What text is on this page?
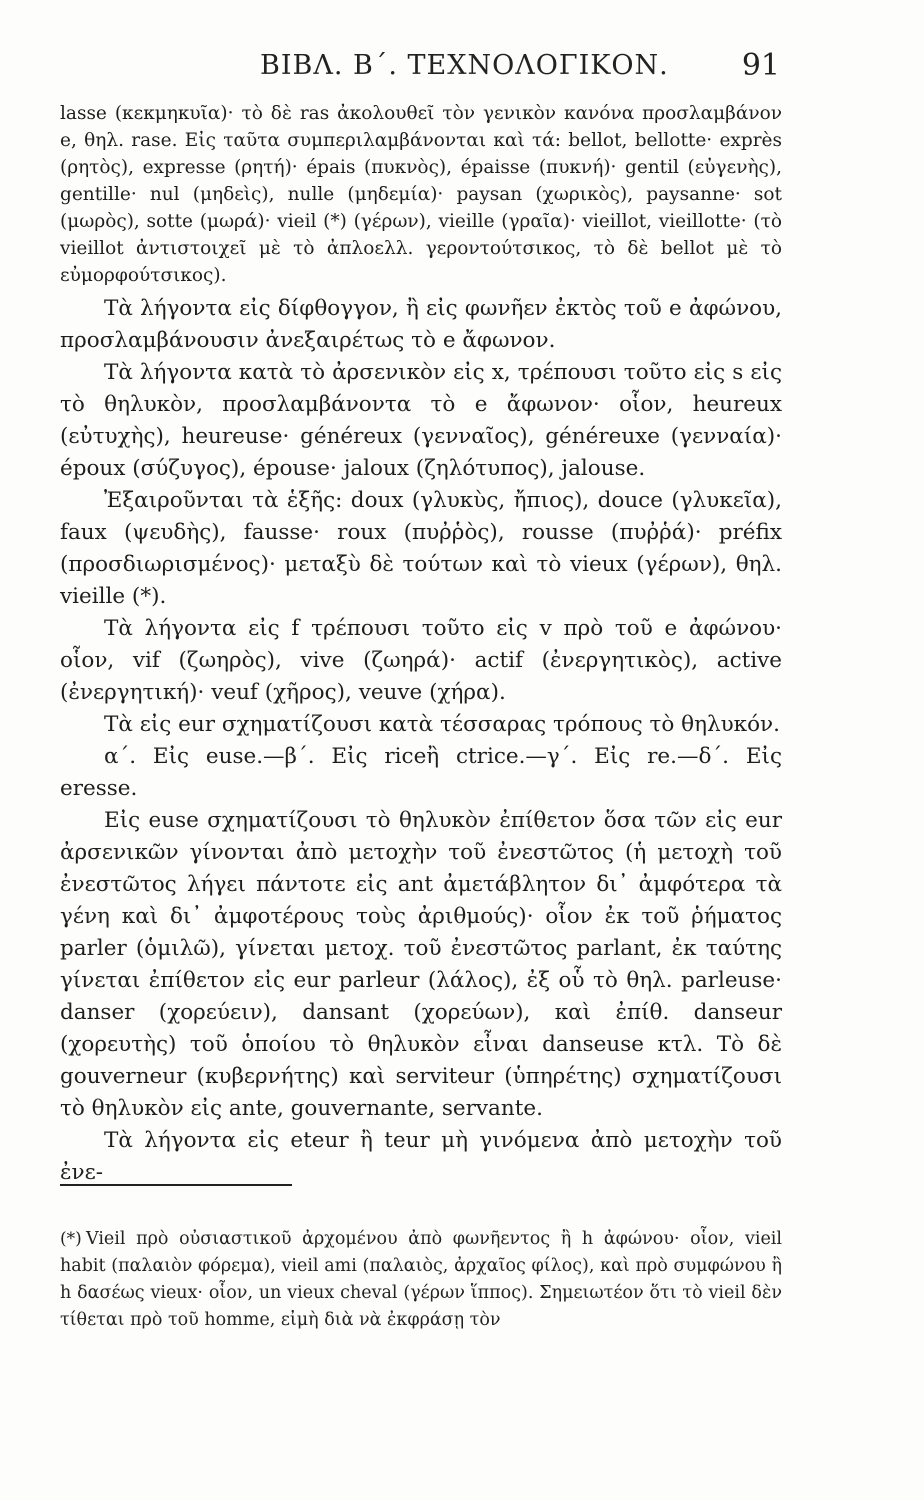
ΒΙΒΛ. Β΄. ΤΕΧΝΟΛΟΓΙΚΟΝ. 91

lasse (κεκμηκυῖα)· τὸ δὲ ras ἀκολουθεῖ τὸν γενικὸν κανόνα προσλαμβάνον e, θηλ. rase. Εἰς ταῦτα συμπεριλαμβάνονται καὶ τά: bellot, bellotte· exprès (ρητὸς), expresse (ρητή)· épais (πυκνὸς), épaisse (πυκνή)· gentil (εὐγενὴς), gentille· nul (μηδεὶς), nulle (μηδεμία)· paysan (χωρικὸς), paysanne· sot (μωρὸς), sotte (μωρά)· vieil (*) (γέρων), vieille (γραῖα)· vieillot, vieillotte· (τὸ vieillot ἀντιστοιχεῖ μὲ τὸ ἀπλοελλ. γεροντούτσικος, τὸ δὲ bellot μὲ τὸ εὐμορφούτσικος).

Τὰ λήγοντα εἰς δίφθογγον, ἢ εἰς φωνῆεν ἐκτὸς τοῦ e ἀφώνου, προσλαμβάνουσιν ἀνεξαιρέτως τὸ e ἄφωνον.

Τὰ λήγοντα κατὰ τὸ ἀρσενικὸν εἰς x, τρέπουσι τοῦτο εἰς s εἰς τὸ θηλυκὸν, προσλαμβάνοντα τὸ e ἄφωνον· οἷον, heureux (εὐτυχὴς), heureuse· généreux (γενναῖος), généreuxe (γενναία)· époux (σύζυγος), épouse· jaloux (ζηλότυπος), jalouse.

Ἐξαιροῦνται τὰ ἑξῆς: doux (γλυκὺς, ἤπιος), douce (γλυκεῖα), faux (ψευδὴς), fausse· roux (πυῤῥὸς), rousse (πυῤῥά)· préfix (προσδιωρισμένος)· μεταξὺ δὲ τούτων καὶ τὸ vieux (γέρων), θηλ. vieille (*).

Τὰ λήγοντα εἰς f τρέπουσι τοῦτο εἰς v πρὸ τοῦ e ἀφώνου· οἷον, vif (ζωηρὸς), vive (ζωηρά)· actif (ἐνεργητικὸς), active (ἐνεργητική)· veuf (χῆρος), veuve (χήρα).

Τὰ εἰς eur σχηματίζουσι κατὰ τέσσαρας τρόπους τὸ θηλυκόν.

α΄. Εἰς euse.—β΄. Εἰς riceἢ ctrice.—γ΄. Εἰς re.—δ΄. Εἰς eresse.

Εἰς euse σχηματίζουσι τὸ θηλυκὸν ἐπίθετον ὅσα τῶν εἰς eur ἀρσενικῶν γίνονται ἀπὸ μετοχὴν τοῦ ἐνεστῶτος (ἡ μετοχὴ τοῦ ἐνεστῶτος λήγει πάντοτε εἰς ant ἀμετάβλητον δι᾽ ἀμφότερα τὰ γένη καὶ δι᾽ ἀμφοτέρους τοὺς ἀριθμούς)· οἷον ἐκ τοῦ ῥήματος parler (ὁμιλῶ), γίνεται μετοχ. τοῦ ἐνεστῶτος parlant, ἐκ ταύτης γίνεται ἐπίθετον εἰς eur parleur (λάλος), ἐξ οὗ τὸ θηλ. parleuse· danser (χορεύειν), dansant (χορεύων), καὶ ἐπίθ. danseur (χορευτὴς) τοῦ ὁποίου τὸ θηλυκὸν εἶναι danseuse κτλ. Τὸ δὲ gouverneur (κυβερνήτης) καὶ serviteur (ὑπηρέτης) σχηματίζουσι τὸ θηλυκὸν εἰς ante, gouvernante, servante.

Τὰ λήγοντα εἰς eteur ἢ teur μὴ γινόμενα ἀπὸ μετοχὴν τοῦ ἐνε-

(*) Vieil πρὸ οὐσιαστικοῦ ἀρχομένου ἀπὸ φωνῆεντος ἢ h ἀφώνου· οἷον, vieil habit (παλαιὸν φόρεμα), vieil ami (παλαιὸς, ἀρχαῖος φίλος), καὶ πρὸ συμφώνου ἢ h δασέως vieux· οἷον, un vieux cheval (γέρων ἵππος). Σημειωτέον ὅτι τὸ vieil δὲν τίθεται πρὸ τοῦ homme, εἰμὴ διὰ νὰ ἐκφράσῃ τὸν
